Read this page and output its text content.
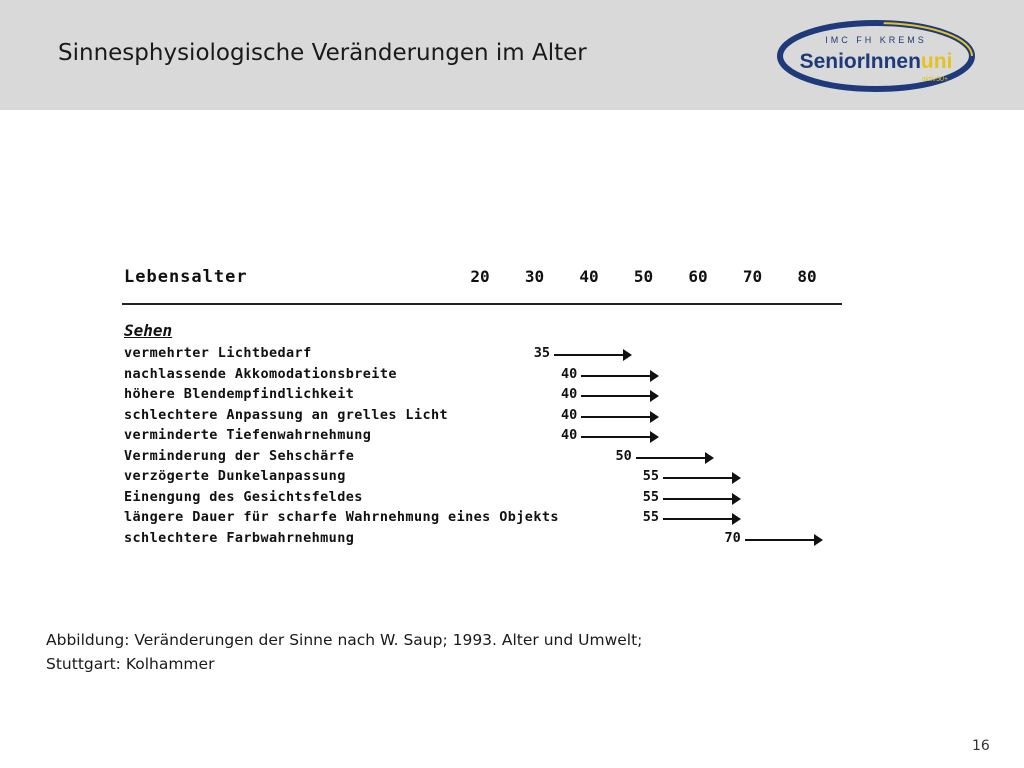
Sinnesphysiologische Veränderungen im Alter	IMC FH KREMS
SeniorInnenuni
aktiv50+
Lebensalter
Sehen
20 30 40 50 60 70 80
vermehrter Lichtbedarf	35
nachlassende Akkomodationsbreite	40
höhere Blendempfindlichkeit	40
schlechtere Anpassung an grelles Licht	40
verminderte Tiefenwahrnehmung	40
Verminderung der Sehschärfe	50
verzögerte Dunkelanpassung	55
Einengung des Gesichtsfeldes	55
längere Dauer für scharfe Wahrnehmung eines Objekts	55
schlechtere Farbwahrnehmung	70
Abbildung: Veränderungen der Sinne nach W. Saup; 1993. Alter und Umwelt;
Stuttgart: Kolhammer
16
